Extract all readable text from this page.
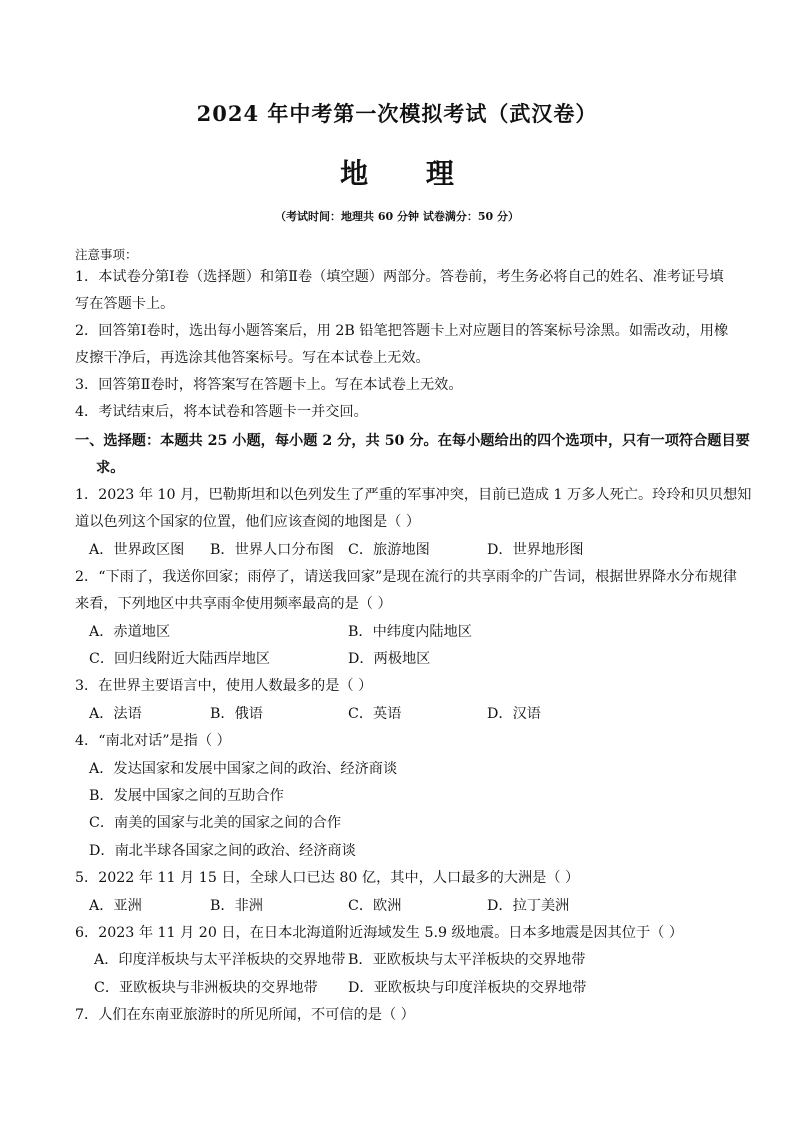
2024 年中考第一次模拟考试（武汉卷）
地 理
（考试时间：地理共 60 分钟 试卷满分：50 分）
注意事项：
1．本试卷分第Ⅰ卷（选择题）和第Ⅱ卷（填空题）两部分。答卷前，考生务必将自己的姓名、准考证号填
写在答题卡上。
2．回答第Ⅰ卷时，选出每小题答案后，用 2B 铅笔把答题卡上对应题目的答案标号涂黑。如需改动，用橡
皮擦干净后，再选涂其他答案标号。写在本试卷上无效。
3．回答第Ⅱ卷时，将答案写在答题卡上。写在本试卷上无效。
4．考试结束后，将本试卷和答题卡一并交回。
一、选择题：本题共 25 小题，每小题 2 分，共 50 分。在每小题给出的四个选项中，只有一项符合题目要
求。
1．2023 年 10 月，巴勒斯坦和以色列发生了严重的军事冲突，目前已造成 1 万多人死亡。玲玲和贝贝想知
道以色列这个国家的位置，他们应该查阅的地图是（ ）
A．世界政区图 B．世界人口分布图 C．旅游地图	D．世界地形图
2．“下雨了，我送你回家；雨停了，请送我回家”是现在流行的共享雨伞的广告词，根据世界降水分布规律
来看，下列地区中共享雨伞使用频率最高的是（ ）
A．赤道地区	B．中纬度内陆地区
C．回归线附近大陆西岸地区	D．两极地区
3．在世界主要语言中，使用人数最多的是（ ）
A．法语	B．俄语	C．英语	D．汉语
4．“南北对话”是指（ ）
A．发达国家和发展中国家之间的政治、经济商谈
B．发展中国家之间的互助合作
C．南美的国家与北美的国家之间的合作
D．南北半球各国家之间的政治、经济商谈
5．2022 年 11 月 15 日，全球人口已达 80 亿，其中，人口最多的大洲是（ ）
A．亚洲	B．非洲	C．欧洲	D．拉丁美洲
6．2023 年 11 月 20 日，在日本北海道附近海域发生 5.9 级地震。日本多地震是因其位于（ ）
A．印度洋板块与太平洋板块的交界地带 B．亚欧板块与太平洋板块的交界地带
C．亚欧板块与非洲板块的交界地带 D．亚欧板块与印度洋板块的交界地带
7．人们在东南亚旅游时的所见所闻，不可信的是（ ）
